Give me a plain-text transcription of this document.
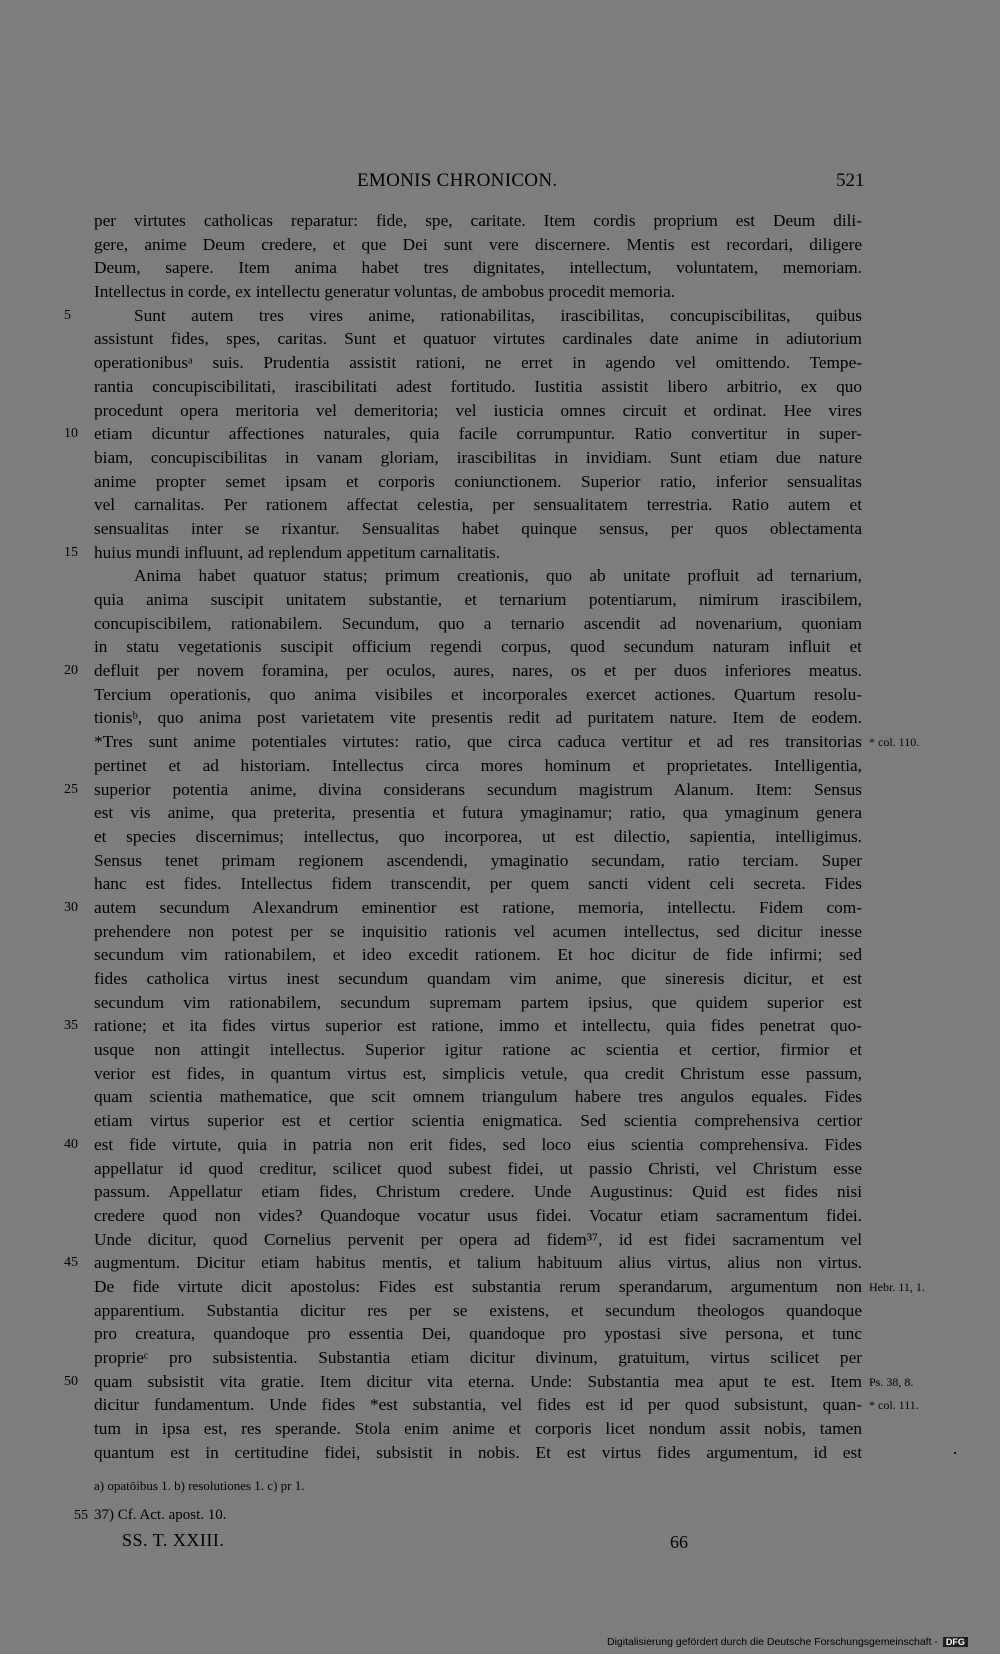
EMONIS CHRONICON.	521
per virtutes catholicas reparatur: fide, spe, caritate. Item cordis proprium est Deum dili-
gere, anime Deum credere, et que Dei sunt vere discernere. Mentis est recordari, diligere
Deum, sapere. Item anima habet tres dignitates, intellectum, voluntatem, memoriam.
Intellectus in corde, ex intellectu generatur voluntas, de ambobus procedit memoria.
5	Sunt autem tres vires anime, rationabilitas, irascibilitas, concupiscibilitas, quibus
assistunt fides, spes, caritas. Sunt et quatuor virtutes cardinales date anime in adiutorium
operationibusᵃ suis. Prudentia assistit rationi, ne erret in agendo vel omittendo. Tempe-
rantia concupiscibilitati, irascibilitati adest fortitudo. Iustitia assistit libero arbitrio, ex quo
procedunt opera meritoria vel demeritoria; vel iusticia omnes circuit et ordinat. Hee vires
10 etiam dicuntur affectiones naturales, quia facile corrumpuntur. Ratio convertitur in super-
biam, concupiscibilitas in vanam gloriam, irascibilitas in invidiam. Sunt etiam due nature
anime propter semet ipsam et corporis coniunctionem. Superior ratio, inferior sensualitas
vel carnalitas. Per rationem affectat celestia, per sensualitatem terrestria. Ratio autem et
sensualitas inter se rixantur. Sensualitas habet quinque sensus, per quos oblectamenta
15 huius mundi influunt, ad replendum appetitum carnalitatis.
Anima habet quatuor status; primum creationis, quo ab unitate profluit ad ternarium,
quia anima suscipit unitatem substantie, et ternarium potentiarum, nimirum irascibilem,
concupiscibilem, rationabilem. Secundum, quo a ternario ascendit ad novenarium, quoniam
in statu vegetationis suscipit officium regendi corpus, quod secundum naturam influit et
20 defluit per novem foramina, per oculos, aures, nares, os et per duos inferiores meatus.
Tercium operationis, quo anima visibiles et incorporales exercet actiones. Quartum resolu-
tionisᵇ, quo anima post varietatem vite presentis redit ad puritatem nature. Item de eodem.
*Tres sunt anime potentiales virtutes: ratio, que circa caduca vertitur et ad res transitorias * col. 110.
pertinet et ad historiam. Intellectus circa mores hominum et proprietates. Intelligentia,
25 superior potentia anime, divina considerans secundum magistrum Alanum. Item: Sensus
est vis anime, qua preterita, presentia et futura ymaginamur; ratio, qua ymaginum genera
et species discernimus; intellectus, quo incorporea, ut est dilectio, sapientia, intelligimus.
Sensus tenet primam regionem ascendendi, ymaginatio secundam, ratio terciam. Super
hanc est fides. Intellectus fidem transcendit, per quem sancti vident celi secreta. Fides
30 autem secundum Alexandrum eminentior est ratione, memoria, intellectu. Fidem com-
prehendere non potest per se inquisitio rationis vel acumen intellectus, sed dicitur inesse
secundum vim rationabilem, et ideo excedit rationem. Et hoc dicitur de fide infirmi; sed
fides catholica virtus inest secundum quandam vim anime, que sineresis dicitur, et est
secundum vim rationabilem, secundum supremam partem ipsius, que quidem superior est
35 ratione; et ita fides virtus superior est ratione, immo et intellectu, quia fides penetrat quo-
usque non attingit intellectus. Superior igitur ratione ac scientia et certior, firmior et
verior est fides, in quantum virtus est, simplicis vetule, qua credit Christum esse passum,
quam scientia mathematice, que scit omnem triangulum habere tres angulos equales. Fides
etiam virtus superior est et certior scientia enigmatica. Sed scientia comprehensiva certior
40 est fide virtute, quia in patria non erit fides, sed loco eius scientia comprehensiva. Fides
appellatur id quod creditur, scilicet quod subest fidei, ut passio Christi, vel Christum esse
passum. Appellatur etiam fides, Christum credere. Unde Augustinus: Quid est fides nisi
credere quod non vides? Quandoque vocatur usus fidei. Vocatur etiam sacramentum fidei.
Unde dicitur, quod Cornelius pervenit per opera ad fidem³⁷, id est fidei sacramentum vel
45 augmentum. Dicitur etiam habitus mentis, et talium habituum alius virtus, alius non virtus.
De fide virtute dicit apostolus: Fides est substantia rerum sperandarum, argumentum non Hebr. 11, 1.
apparentium. Substantia dicitur res per se existens, et secundum theologos quandoque
pro creatura, quandoque pro essentia Dei, quandoque pro ypostasi sive persona, et tunc
proprieᶜ pro subsistentia. Substantia etiam dicitur divinum, gratuitum, virtus scilicet per
50 quam subsistit vita gratie. Item dicitur vita eterna. Unde: Substantia mea aput te est. Item Ps. 38, 8.
dicitur fundamentum. Unde fides *est substantia, vel fides est id per quod subsistunt, quan- * col. 111.
tum in ipsa est, res sperande. Stola enim anime et corporis licet nondum assit nobis, tamen
quantum est in certitudine fidei, subsistit in nobis. Et est virtus fides argumentum, id est
a) opatōibus 1. b) resolutiones 1. c) pr 1.
55 37) Cf. Act. apost. 10.
SS. T. XXIII.	66
Digitalisierung gefördert durch die Deutsche Forschungsgemeinschaft - DFG
